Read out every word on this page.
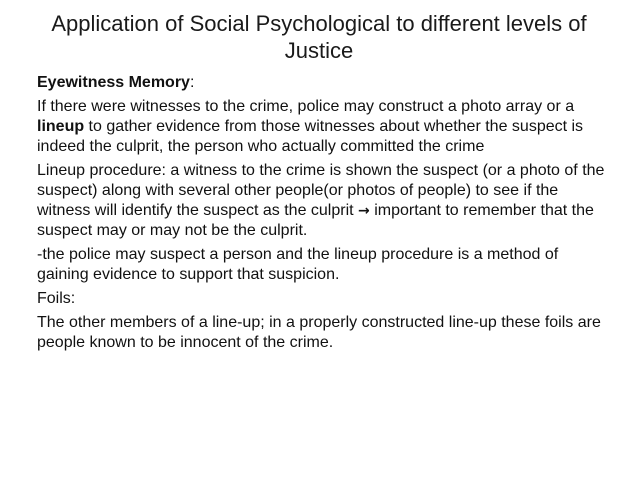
Application of Social Psychological to different levels of Justice
Eyewitness Memory:
If there were witnesses to the crime, police may construct a photo array or a lineup to gather evidence from those witnesses about whether the suspect is indeed the culprit, the person who actually committed the crime
Lineup procedure: a witness to the crime is shown the suspect (or a photo of the suspect) along with several other people(or photos of people) to see if the witness will identify the suspect as the culprit → important to remember that the suspect may or may not be the culprit.
-the police may suspect a person and the lineup procedure is a method of gaining evidence to support that suspicion.
Foils:
The other members of a line-up; in a properly constructed line-up these foils are people known to be innocent of the crime.
